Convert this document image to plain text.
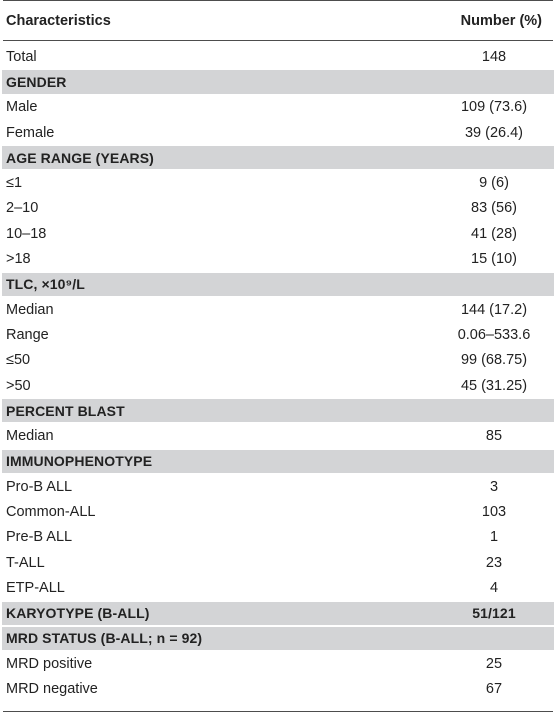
Characteristics	Number (%)
Total	148
GENDER
Male	109 (73.6)
Female	39 (26.4)
AGE RANGE (YEARS)
≤1	9 (6)
2–10	83 (56)
10–18	41 (28)
>18	15 (10)
TLC, ×10⁹/L
Median	144 (17.2)
Range	0.06–533.6
≤50	99 (68.75)
>50	45 (31.25)
PERCENT BLAST
Median	85
IMMUNOPHENOTYPE
Pro-B ALL	3
Common-ALL	103
Pre-B ALL	1
T-ALL	23
ETP-ALL	4
KARYOTYPE (B-ALL)	51/121
MRD STATUS (B-ALL; n = 92)
MRD positive	25
MRD negative	67
